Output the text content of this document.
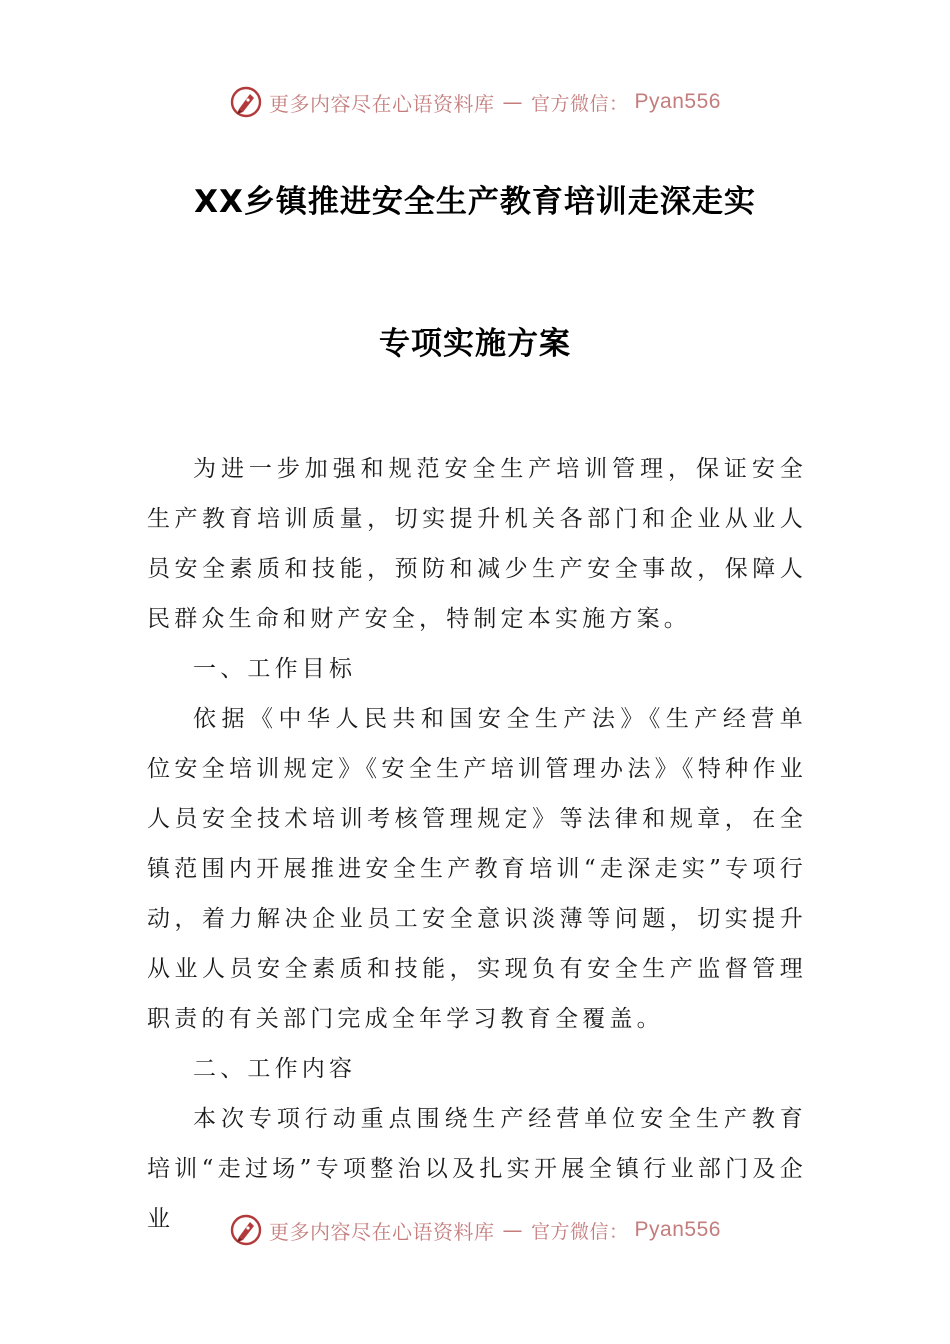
更多内容尽在心语资料库 — 官方微信： Pyan556
XX乡镇推进安全生产教育培训走深走实
专项实施方案

为进一步加强和规范安全生产培训管理，保证安全生产教育培训质量，切实提升机关各部门和企业从业人员安全素质和技能，预防和减少生产安全事故，保障人民群众生命和财产安全，特制定本实施方案。

一、工作目标

依据《中华人民共和国安全生产法》《生产经营单位安全培训规定》《安全生产培训管理办法》《特种作业人员安全技术培训考核管理规定》等法律和规章，在全镇范围内开展推进安全生产教育培训“走深走实”专项行动，着力解决企业员工安全意识淡薄等问题，切实提升从业人员安全素质和技能，实现负有安全生产监督管理职责的有关部门完成全年学习教育全覆盖。

二、工作内容

本次专项行动重点围绕生产经营单位安全生产教育培训“走过场”专项整治以及扎实开展全镇行业部门及企业	更多内容尽在心语资料库 — 官方微信： Pyan556
